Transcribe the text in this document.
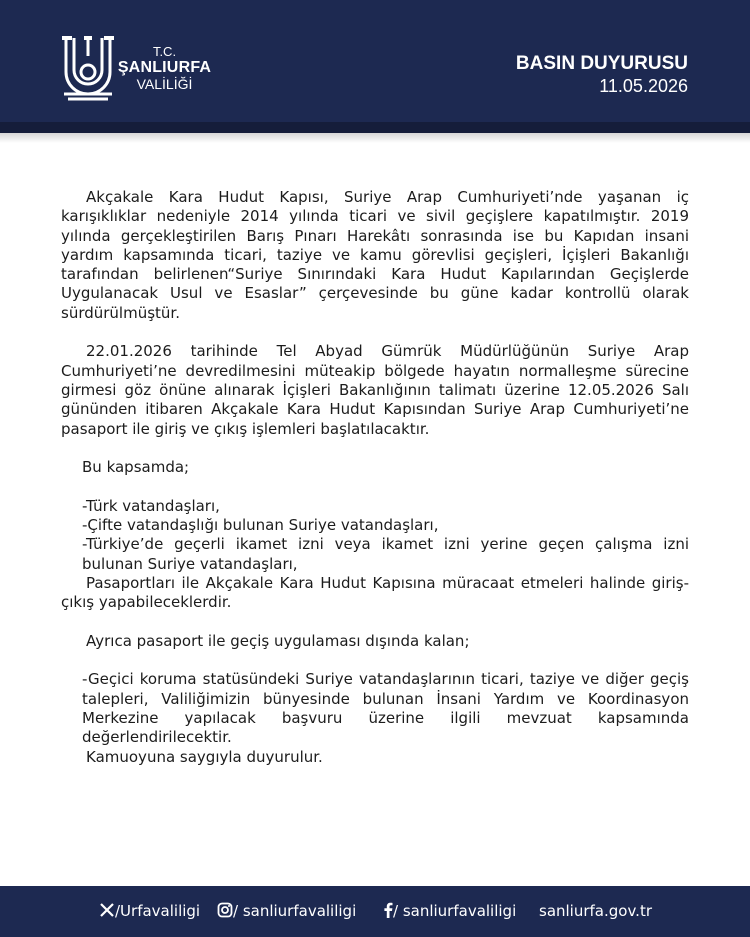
T.C.
ŞANLIURFA
VALİLİĞİ
BASIN DUYURUSU
11.05.2026

Akçakale Kara Hudut Kapısı, Suriye Arap Cumhuriyeti’nde yaşanan iç karışıklıklar nedeniyle 2014 yılında ticari ve sivil geçişlere kapatılmıştır. 2019 yılında gerçekleştirilen Barış Pınarı Harekâtı sonrasında ise bu Kapıdan insani yardım kapsamında ticari, taziye ve kamu görevlisi geçişleri, İçişleri Bakanlığı tarafından belirlenen“Suriye Sınırındaki Kara Hudut Kapılarından Geçişlerde Uygulanacak Usul ve Esaslar” çerçevesinde bu güne kadar kontrollü olarak sürdürülmüştür.

22.01.2026 tarihinde Tel Abyad Gümrük Müdürlüğünün Suriye Arap Cumhuriyeti’ne devredilmesini müteakip bölgede hayatın normalleşme sürecine girmesi göz önüne alınarak İçişleri Bakanlığının talimatı üzerine 12.05.2026 Salı gününden itibaren Akçakale Kara Hudut Kapısından Suriye Arap Cumhuriyeti’ne pasaport ile giriş ve çıkış işlemleri başlatılacaktır.

Bu kapsamda;

-Türk vatandaşları,

-Çifte vatandaşlığı bulunan Suriye vatandaşları,

-Türkiye’de geçerli ikamet izni veya ikamet izni yerine geçen çalışma izni bulunan Suriye vatandaşları,

Pasaportları ile Akçakale Kara Hudut Kapısına müracaat etmeleri halinde giriş-çıkış yapabileceklerdir.

Ayrıca pasaport ile geçiş uygulaması dışında kalan;

-Geçici koruma statüsündeki Suriye vatandaşlarının ticari, taziye ve diğer geçiş talepleri, Valiliğimizin bünyesinde bulunan İnsani Yardım ve Koordinasyon Merkezine yapılacak başvuru üzerine ilgili mevzuat kapsamında değerlendirilecektir.

Kamuoyuna saygıyla duyurulur.

/Urfavaliligi	/ sanliurfavaliligi	/ sanliurfavaliligi sanliurfa.gov.tr
